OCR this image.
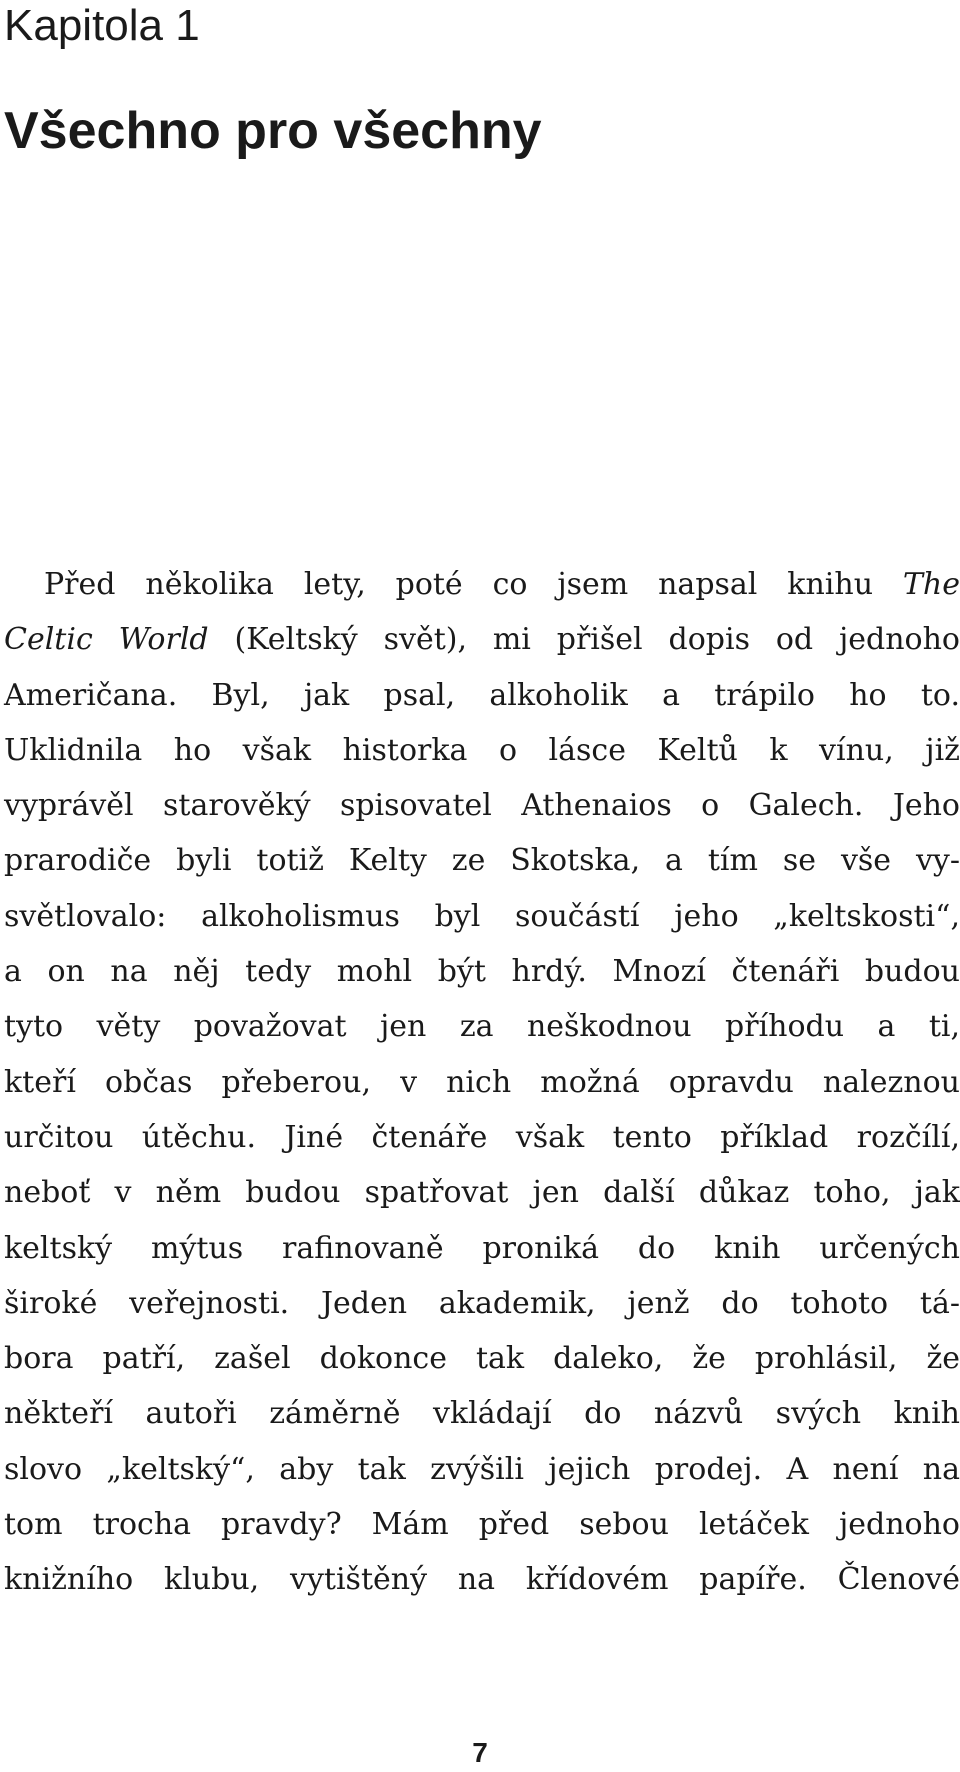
Kapitola 1
Všechno pro všechny
Před několika lety, poté co jsem napsal knihu The
Celtic World (Keltský svět), mi přišel dopis od jednoho
Američana. Byl, jak psal, alkoholik a trápilo ho to.
Uklidnila ho však historka o lásce Keltů k vínu, již
vyprávěl starověký spisovatel Athenaios o Galech. Jeho
prarodiče byli totiž Kelty ze Skotska, a tím se vše vy-
světlovalo: alkoholismus byl součástí jeho „keltskosti“,
a on na něj tedy mohl být hrdý. Mnozí čtenáři budou
tyto věty považovat jen za neškodnou příhodu a ti,
kteří občas přeberou, v nich možná opravdu naleznou
určitou útěchu. Jiné čtenáře však tento příklad rozčílí,
neboť v něm budou spatřovat jen další důkaz toho, jak
keltský mýtus rafinovaně proniká do knih určených
široké veřejnosti. Jeden akademik, jenž do tohoto tá-
bora patří, zašel dokonce tak daleko, že prohlásil, že
někteří autoři záměrně vkládají do názvů svých knih
slovo „keltský“, aby tak zvýšili jejich prodej. A není na
tom trocha pravdy? Mám před sebou letáček jednoho
knižního klubu, vytištěný na křídovém papíře. Členové
7
